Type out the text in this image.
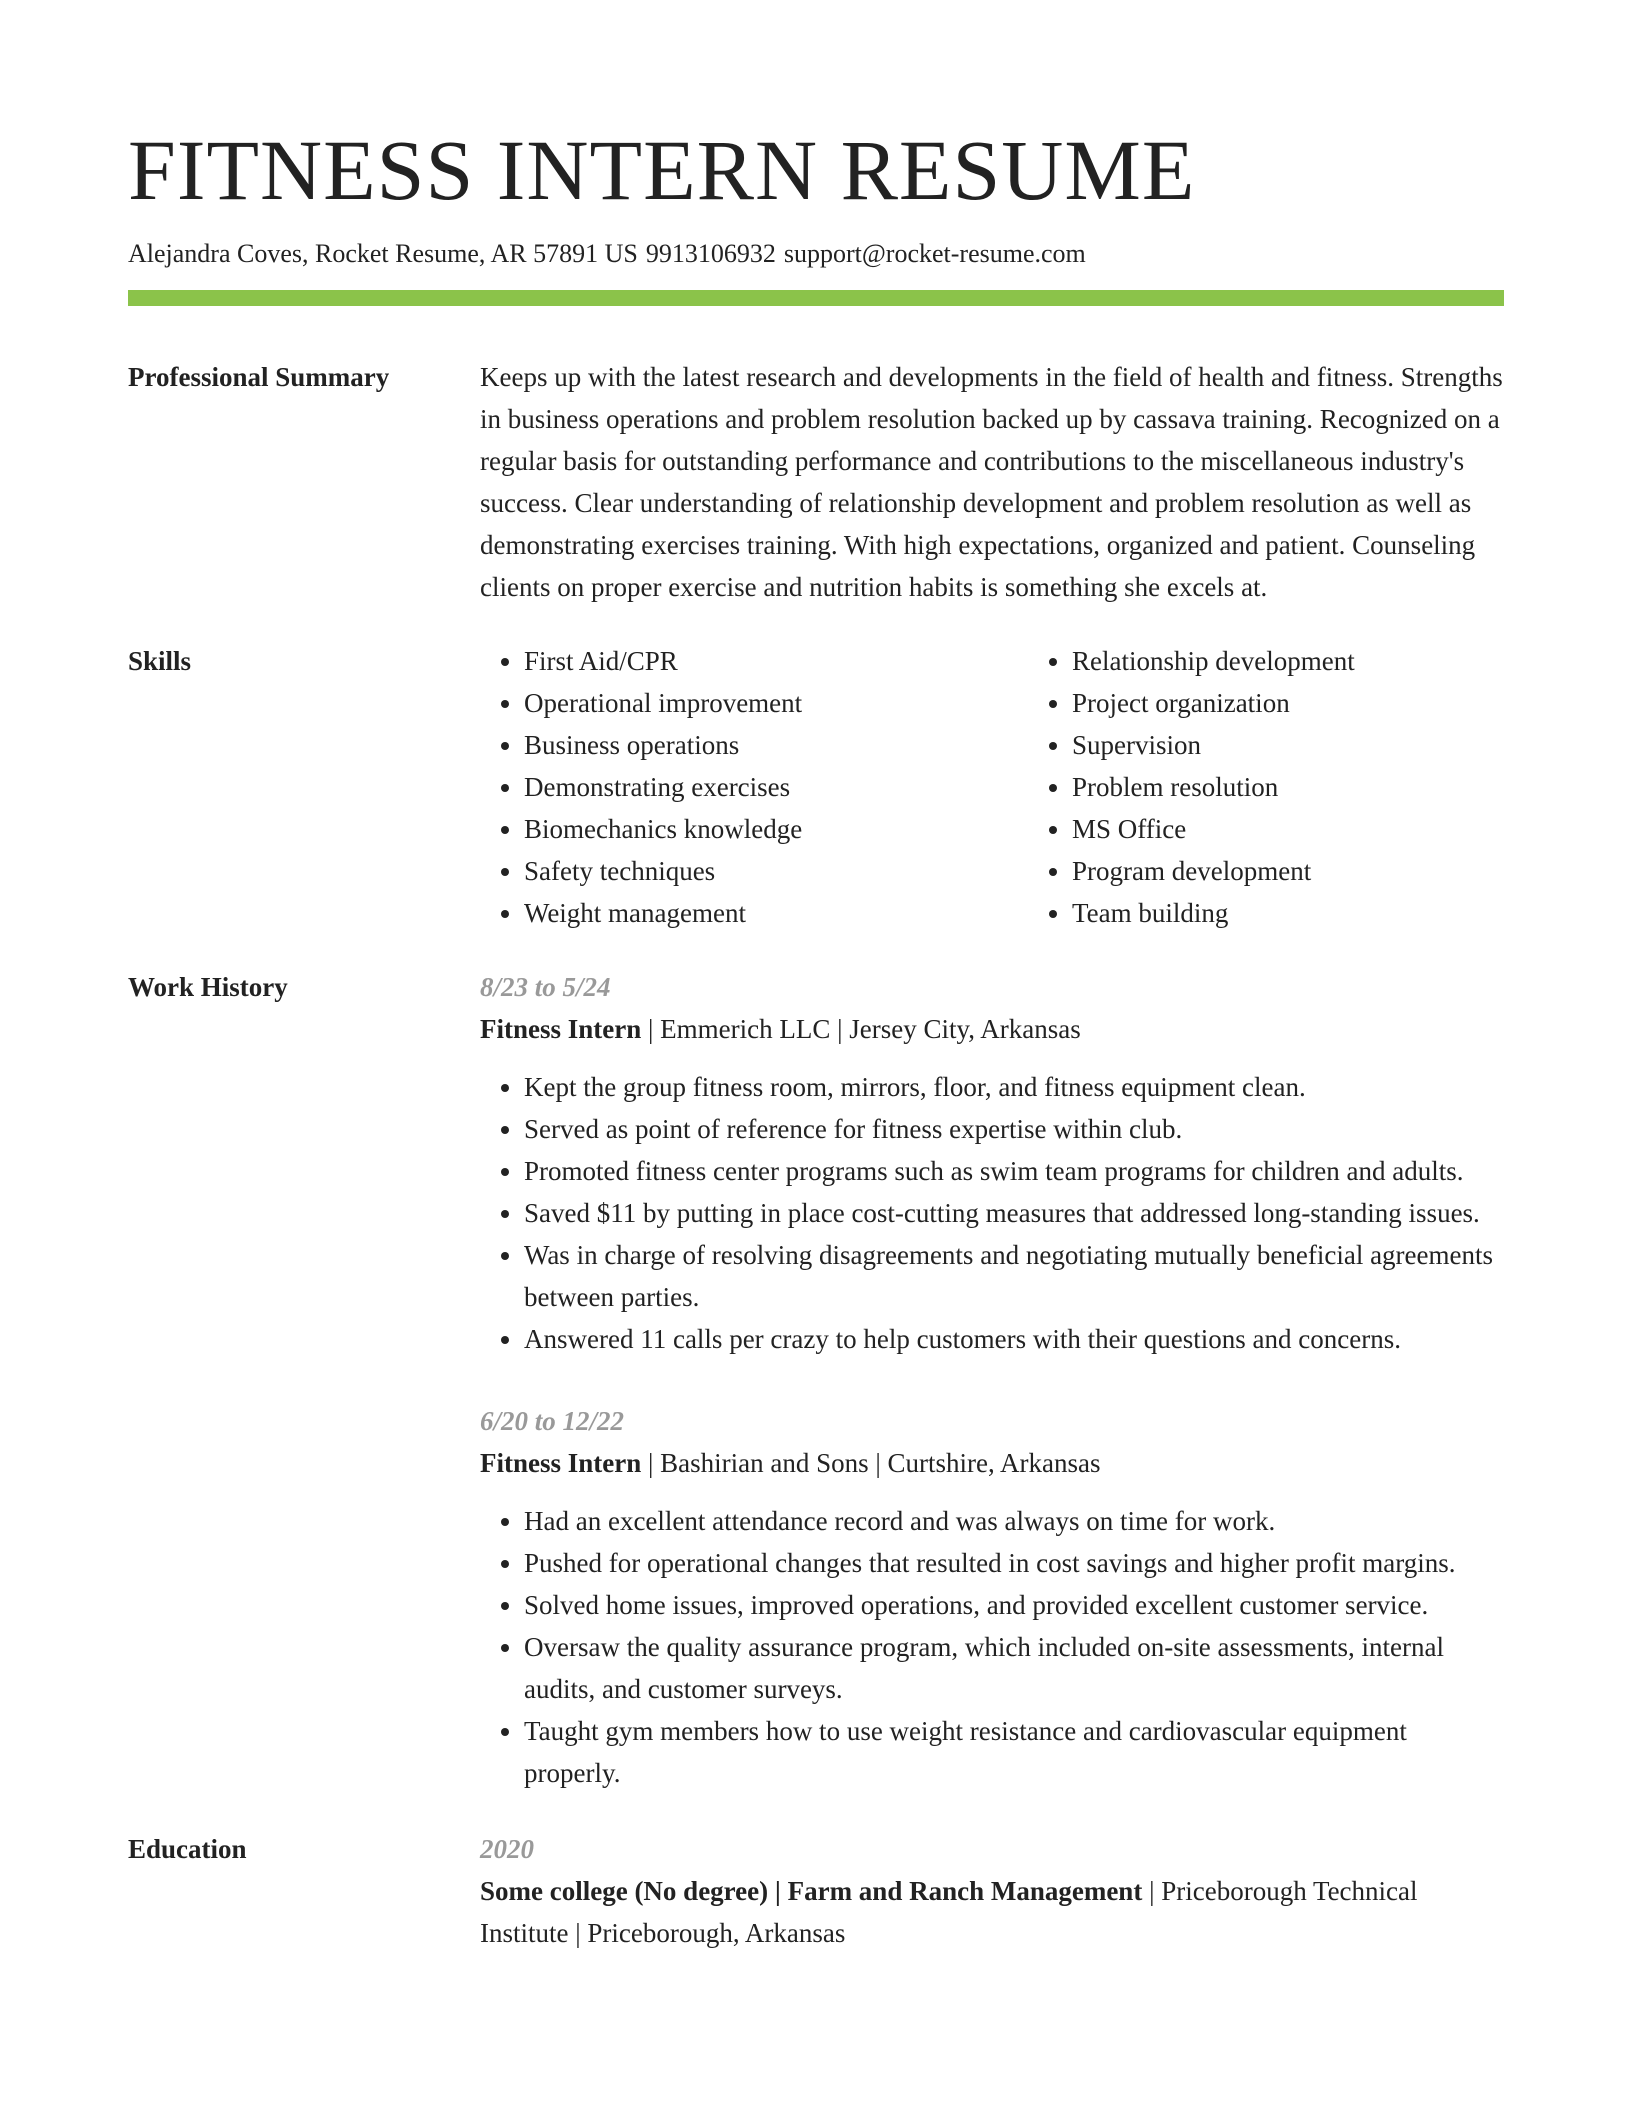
FITNESS INTERN RESUME
Alejandra Coves, Rocket Resume, AR 57891 US 9913106932 support@rocket-resume.com
Professional Summary	Keeps up with the latest research and developments in the field of health and fitness. Strengths in business operations and problem resolution backed up by cassava training. Recognized on a regular basis for outstanding performance and contributions to the miscellaneous industry's success. Clear understanding of relationship development and problem resolution as well as demonstrating exercises training. With high expectations, organized and patient. Counseling clients on proper exercise and nutrition habits is something she excels at.
Skills
•	First Aid/CPR
• Operational improvement
• Business operations
• Demonstrating exercises
• Biomechanics knowledge
• Safety techniques
• Weight management
• Relationship development
• Project organization
• Supervision
• Problem resolution
• MS Office
• Program development
• Team building
Work History	8/23 to 5/24
Fitness Intern | Emmerich LLC | Jersey City, Arkansas
• Kept the group fitness room, mirrors, floor, and fitness equipment clean.
• Served as point of reference for fitness expertise within club.
• Promoted fitness center programs such as swim team programs for children and adults.
• Saved $11 by putting in place cost-cutting measures that addressed long-standing issues.
• Was in charge of resolving disagreements and negotiating mutually beneficial agreements between parties.
• Answered 11 calls per crazy to help customers with their questions and concerns.
6/20 to 12/22
Fitness Intern | Bashirian and Sons | Curtshire, Arkansas
• Had an excellent attendance record and was always on time for work.
• Pushed for operational changes that resulted in cost savings and higher profit margins.
• Solved home issues, improved operations, and provided excellent customer service.
• Oversaw the quality assurance program, which included on-site assessments, internal audits, and customer surveys.
• Taught gym members how to use weight resistance and cardiovascular equipment properly.
Education	2020
Some college (No degree) | Farm and Ranch Management | Priceborough Technical Institute | Priceborough, Arkansas
